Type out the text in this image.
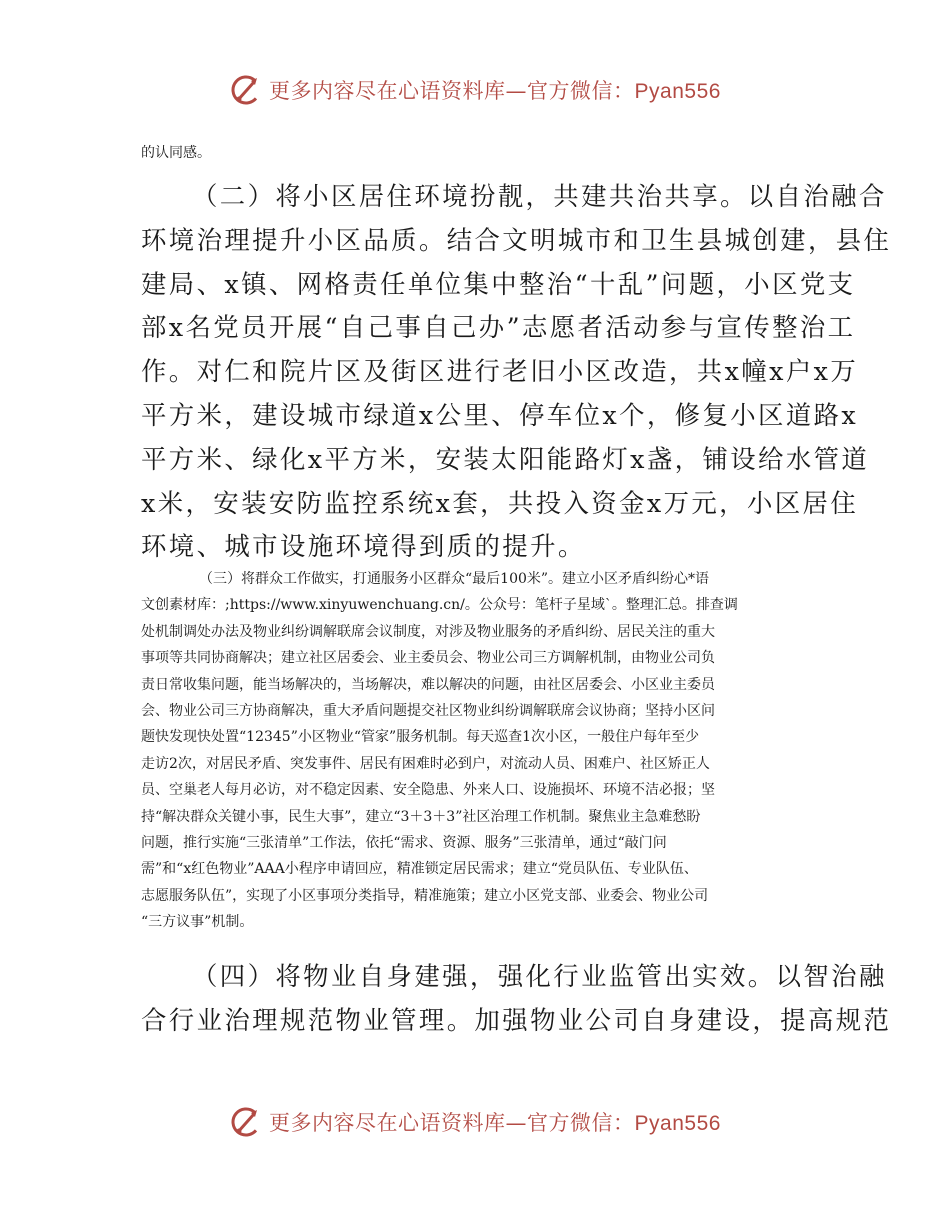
更多内容尽在心语资料库—官方微信：Pyan556
的认同感。
（二）将小区居住环境扮靓，共建共治共享。以自治融合
环境治理提升小区品质。结合文明城市和卫生县城创建，县住
建局、x镇、网格责任单位集中整治“十乱”问题，小区党支
部x名党员开展“自己事自己办”志愿者活动参与宣传整治工
作。对仁和院片区及街区进行老旧小区改造，共x幢x户x万
平方米，建设城市绿道x公里、停车位x个，修复小区道路x
平方米、绿化x平方米，安装太阳能路灯x盏，铺设给水管道
x米，安装安防监控系统x套，共投入资金x万元，小区居住
环境、城市设施环境得到质的提升。
（三）将群众工作做实，打通服务小区群众“最后100米”。建立小区矛盾纠纷心*语
文创素材库：;https://www.xinyuwenchuang.cn/。公众号：笔杆子星域`。整理汇总。排查调
处机制调处办法及物业纠纷调解联席会议制度，对涉及物业服务的矛盾纠纷、居民关注的重大
事项等共同协商解决；建立社区居委会、业主委员会、物业公司三方调解机制，由物业公司负
责日常收集问题，能当场解决的，当场解决，难以解决的问题，由社区居委会、小区业主委员
会、物业公司三方协商解决，重大矛盾问题提交社区物业纠纷调解联席会议协商；坚持小区问
题快发现快处置“12345”小区物业“管家”服务机制。每天巡查1次小区，一般住户每年至少
走访2次，对居民矛盾、突发事件、居民有困难时必到户，对流动人员、困难户、社区矫正人
员、空巢老人每月必访，对不稳定因素、安全隐患、外来人口、设施损坏、环境不洁必报；坚
持“解决群众关键小事，民生大事”，建立“3＋3＋3”社区治理工作机制。聚焦业主急难愁盼
问题，推行实施“三张清单”工作法，依托“需求、资源、服务”三张清单，通过“敲门问
需”和“x红色物业”AAA小程序申请回应，精准锁定居民需求；建立“党员队伍、专业队伍、
志愿服务队伍”，实现了小区事项分类指导，精准施策；建立小区党支部、业委会、物业公司
“三方议事”机制。
（四）将物业自身建强，强化行业监管出实效。以智治融
合行业治理规范物业管理。加强物业公司自身建设，提高规范
更多内容尽在心语资料库—官方微信：Pyan556
